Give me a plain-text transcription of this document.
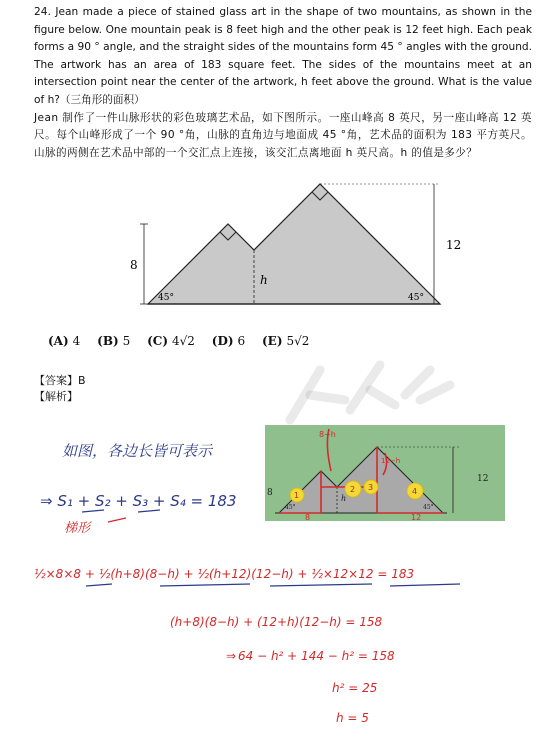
24. Jean made a piece of stained glass art in the shape of two mountains, as shown in the figure below. One mountain peak is 8 feet high and the other peak is 12 feet high. Each peak forms a 90 ° angle, and the straight sides of the mountains form 45 ° angles with the ground. The artwork has an area of 183 square feet. The sides of the mountains meet at an intersection point near the center of the artwork, h feet above the ground. What is the value of h?（三角形的面积）

Jean 制作了一件山脉形状的彩色玻璃艺术品，如下图所示。一座山峰高 8 英尺，另一座山峰高 12 英尺。每个山峰形成了一个 90 °角，山脉的直角边与地面成 45 °角，艺术品的面积为 183 平方英尺。山脉的两侧在艺术品中部的一个交汇点上连接，该交汇点离地面 h 英尺高。h 的值是多少？

8
12
h
45°	45°
(A) 4 (B) 5 (C) 4√2 (D) 6 (E) 5√2
【答案】B
【解析】
8−h
12−h
8
12
h
8	12
1
2 3	4
45°	45°
如图，各边长皆可表示
⇒ S₁ + S₂ + S₃ + S₄ = 183
梯形
½×8×8 + ½(h+8)(8−h) + ½(h+12)(12−h) + ½×12×12 = 183
(h+8)(8−h) + (12+h)(12−h) = 158
64 − h² + 144 − h² = 158
h² = 25
h = 5
⇒
